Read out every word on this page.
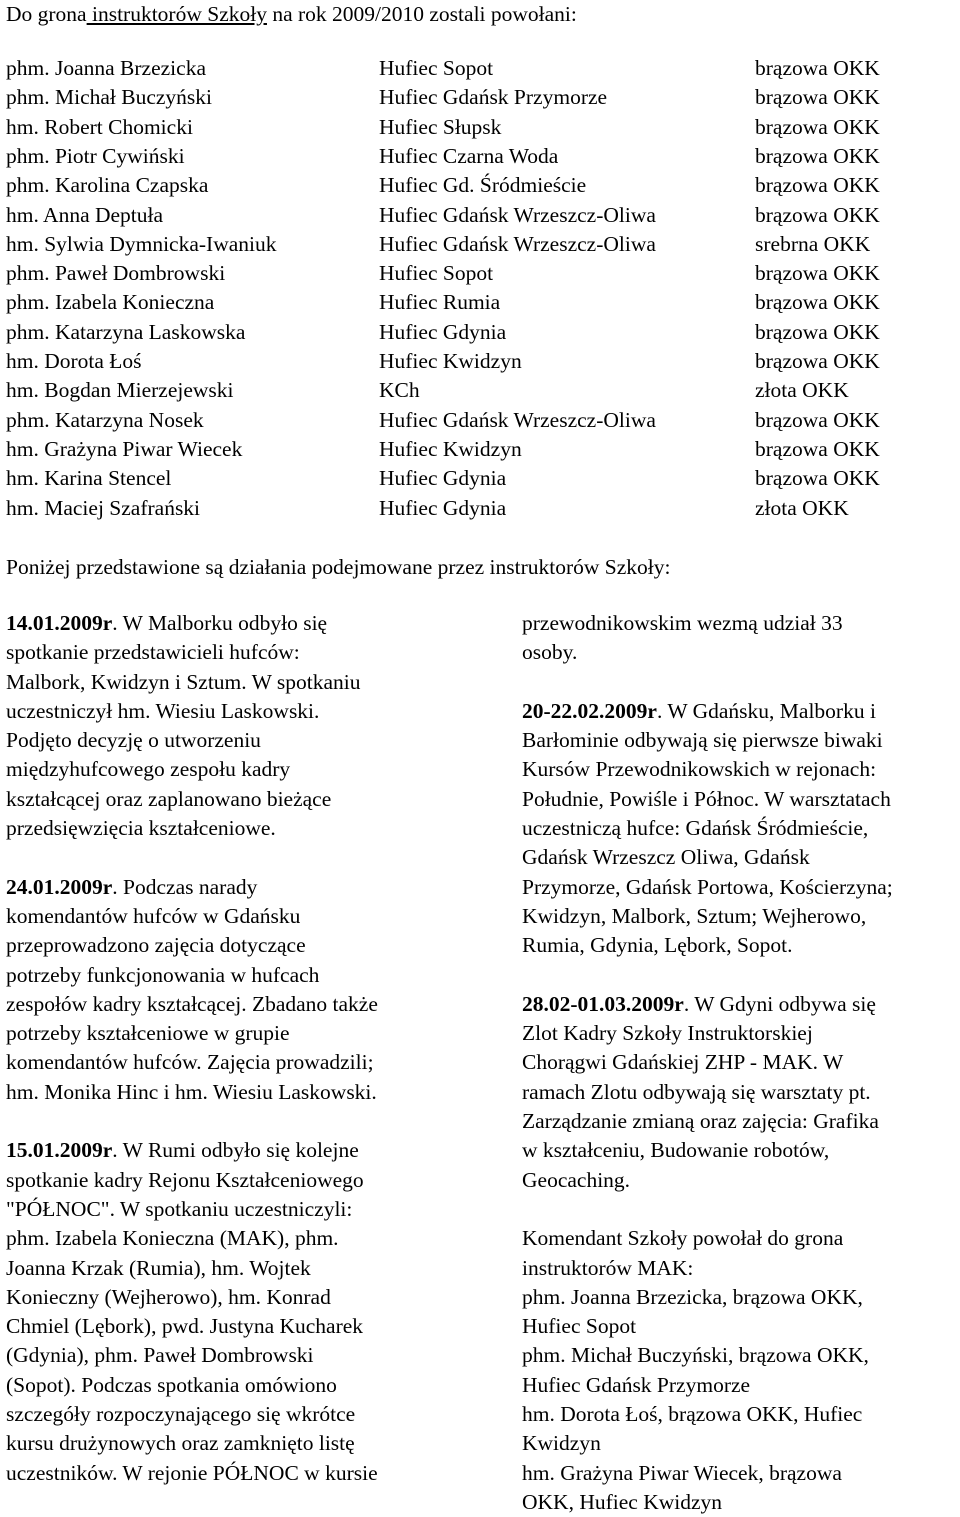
Do grona instruktorów Szkoły na rok 2009/2010 zostali powołani:
phm. Joanna Brzezicka	Hufiec Sopot	brązowa OKK
phm. Michał Buczyński	Hufiec Gdańsk Przymorze	brązowa OKK
hm. Robert Chomicki	Hufiec Słupsk	brązowa OKK
phm. Piotr Cywiński	Hufiec Czarna Woda	brązowa OKK
phm. Karolina Czapska	Hufiec Gd. Śródmieście	brązowa OKK
hm. Anna Deptuła	Hufiec Gdańsk Wrzeszcz-Oliwa	brązowa OKK
hm. Sylwia Dymnicka-Iwaniuk	Hufiec Gdańsk Wrzeszcz-Oliwa	srebrna OKK
phm. Paweł Dombrowski	Hufiec Sopot	brązowa OKK
phm. Izabela Konieczna	Hufiec Rumia	brązowa OKK
phm. Katarzyna Laskowska	Hufiec Gdynia	brązowa OKK
hm. Dorota Łoś	Hufiec Kwidzyn	brązowa OKK
hm. Bogdan Mierzejewski	KCh	złota OKK
phm. Katarzyna Nosek	Hufiec Gdańsk Wrzeszcz-Oliwa	brązowa OKK
hm. Grażyna Piwar Wiecek	Hufiec Kwidzyn	brązowa OKK
hm. Karina Stencel	Hufiec Gdynia	brązowa OKK
hm. Maciej Szafrański	Hufiec Gdynia	złota OKK
Poniżej przedstawione są działania podejmowane przez instruktorów Szkoły:

14.01.2009r. W Malborku odbyło się

spotkanie przedstawicieli hufców:

Malbork, Kwidzyn i Sztum. W spotkaniu

uczestniczył hm. Wiesiu Laskowski.

Podjęto decyzję o utworzeniu

międzyhufcowego zespołu kadry

kształcącej oraz zaplanowano bieżące

przedsięwzięcia kształceniowe.

24.01.2009r. Podczas narady

komendantów hufców w Gdańsku

przeprowadzono zajęcia dotyczące

potrzeby funkcjonowania w hufcach

zespołów kadry kształcącej. Zbadano także

potrzeby kształceniowe w grupie

komendantów hufców. Zajęcia prowadzili;

hm. Monika Hinc i hm. Wiesiu Laskowski.

15.01.2009r. W Rumi odbyło się kolejne

spotkanie kadry Rejonu Kształceniowego

"PÓŁNOC". W spotkaniu uczestniczyli:

phm. Izabela Konieczna (MAK), phm.

Joanna Krzak (Rumia), hm. Wojtek

Konieczny (Wejherowo), hm. Konrad

Chmiel (Lębork), pwd. Justyna Kucharek

(Gdynia), phm. Paweł Dombrowski

(Sopot). Podczas spotkania omówiono

szczegóły rozpoczynającego się wkrótce

kursu drużynowych oraz zamknięto listę

uczestników. W rejonie PÓŁNOC w kursie

przewodnikowskim wezmą udział 33

osoby.

20-22.02.2009r. W Gdańsku, Malborku i

Barłominie odbywają się pierwsze biwaki

Kursów Przewodnikowskich w rejonach:

Południe, Powiśle i Północ. W warsztatach

uczestniczą hufce: Gdańsk Śródmieście,

Gdańsk Wrzeszcz Oliwa, Gdańsk

Przymorze, Gdańsk Portowa, Kościerzyna;

Kwidzyn, Malbork, Sztum; Wejherowo,

Rumia, Gdynia, Lębork, Sopot.

28.02-01.03.2009r. W Gdyni odbywa się

Zlot Kadry Szkoły Instruktorskiej

Chorągwi Gdańskiej ZHP - MAK. W

ramach Zlotu odbywają się warsztaty pt.

Zarządzanie zmianą oraz zajęcia: Grafika

w kształceniu, Budowanie robotów,

Geocaching.

Komendant Szkoły powołał do grona

instruktorów MAK:

phm. Joanna Brzezicka, brązowa OKK,

Hufiec Sopot

phm. Michał Buczyński, brązowa OKK,

Hufiec Gdańsk Przymorze

hm. Dorota Łoś, brązowa OKK, Hufiec

Kwidzyn

hm. Grażyna Piwar Wiecek, brązowa

OKK, Hufiec Kwidzyn
